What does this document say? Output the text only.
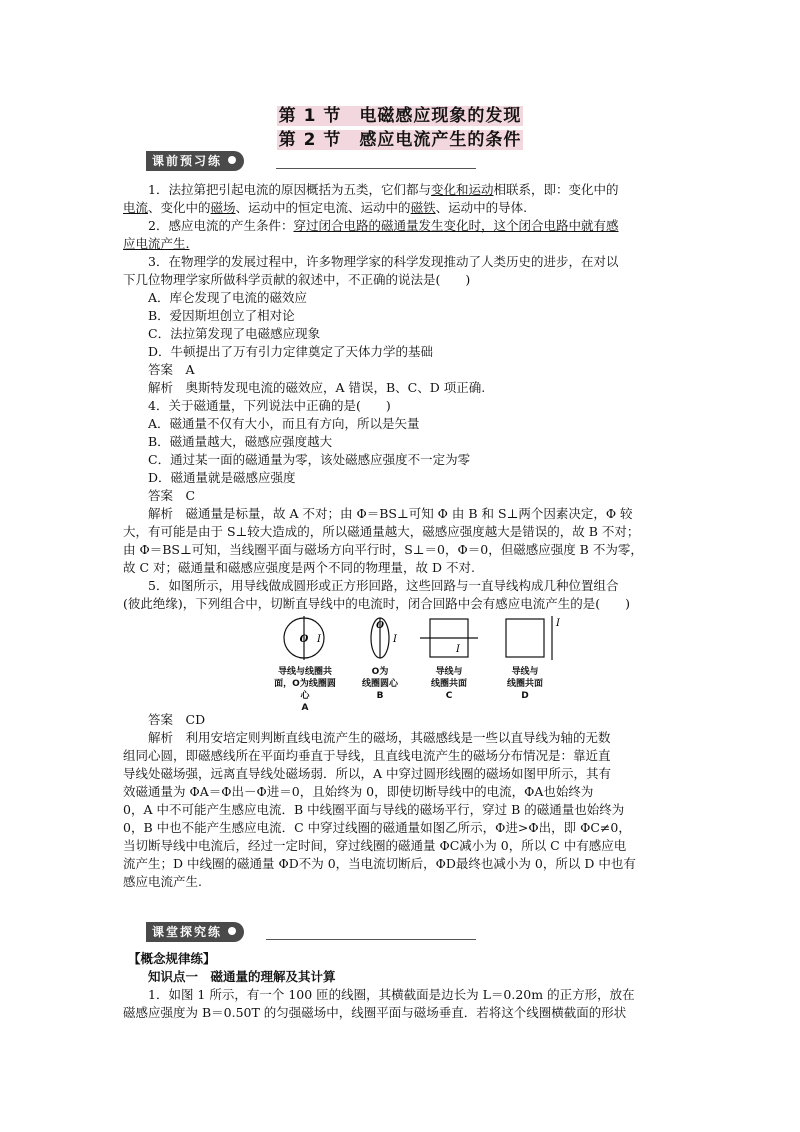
第 1 节　电磁感应现象的发现
第 2 节　感应电流产生的条件
课前预习练
1．法拉第把引起电流的原因概括为五类，它们都与变化和运动相联系，即：变化中的
电流、变化中的磁场、运动中的恒定电流、运动中的磁铁、运动中的导体.
2．感应电流的产生条件：穿过闭合电路的磁通量发生变化时，这个闭合电路中就有感
应电流产生.
3．在物理学的发展过程中，许多物理学家的科学发现推动了人类历史的进步，在对以
下几位物理学家所做科学贡献的叙述中，不正确的说法是(　　)
A．库仑发现了电流的磁效应
B．爱因斯坦创立了相对论
C．法拉第发现了电磁感应现象
D．牛顿提出了万有引力定律奠定了天体力学的基础
答案　A
解析　奥斯特发现电流的磁效应，A 错误，B、C、D 项正确.
4．关于磁通量，下列说法中正确的是(　　)
A．磁通量不仅有大小，而且有方向，所以是矢量
B．磁通量越大，磁感应强度越大
C．通过某一面的磁通量为零，该处磁感应强度不一定为零
D．磁通量就是磁感应强度
答案　C
解析　磁通量是标量，故 A 不对；由 Φ＝BS⊥可知 Φ 由 B 和 S⊥两个因素决定，Φ 较
大，有可能是由于 S⊥较大造成的，所以磁通量越大，磁感应强度越大是错误的，故 B 不对；
由 Φ＝BS⊥可知，当线圈平面与磁场方向平行时，S⊥＝0，Φ＝0，但磁感应强度 B 不为零，
故 C 对；磁通量和磁感应强度是两个不同的物理量，故 D 不对.
5．如图所示，用导线做成圆形或正方形回路，这些回路与一直导线构成几种位置组合
(彼此绝缘)，下列组合中，切断直导线中的电流时，闭合回路中会有感应电流产生的是(　　)
O I
O
I
I
I
导线与线圈共
面，O为线圈圆心
A
O为
线圈圆心
B
导线与
线圈共面
C
导线与
线圈共面
D
答案　CD
解析　利用安培定则判断直线电流产生的磁场，其磁感线是一些以直导线为轴的无数
组同心圆，即磁感线所在平面均垂直于导线，且直线电流产生的磁场分布情况是：靠近直
导线处磁场强，远离直导线处磁场弱．所以，A 中穿过圆形线圈的磁场如图甲所示，其有
效磁通量为 ΦA＝Φ出－Φ进＝0，且始终为 0，即使切断导线中的电流，ΦA也始终为
0，A 中不可能产生感应电流．B 中线圈平面与导线的磁场平行，穿过 B 的磁通量也始终为
0，B 中也不能产生感应电流．C 中穿过线圈的磁通量如图乙所示，Φ进>Φ出，即 ΦC≠0，
当切断导线中电流后，经过一定时间，穿过线圈的磁通量 ΦC减小为 0，所以 C 中有感应电
流产生；D 中线圈的磁通量 ΦD不为 0，当电流切断后，ΦD最终也减小为 0，所以 D 中也有
感应电流产生.
课堂探究练
【概念规律练】
知识点一　磁通量的理解及其计算
1．如图 1 所示，有一个 100 匝的线圈，其横截面是边长为 L＝0.20m 的正方形，放在
磁感应强度为 B＝0.50T 的匀强磁场中，线圈平面与磁场垂直．若将这个线圈横截面的形状
